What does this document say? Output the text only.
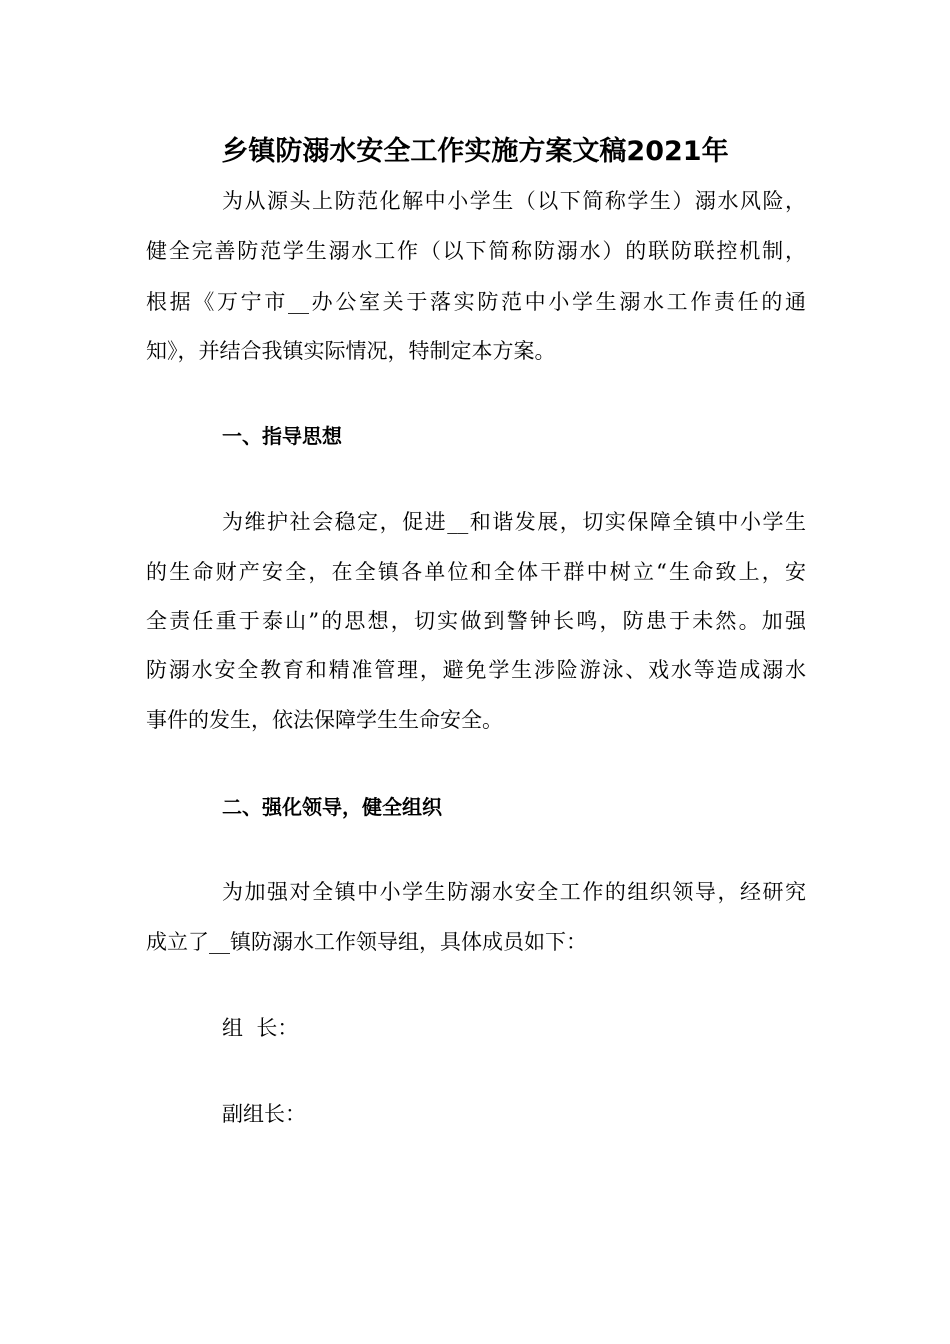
乡镇防溺水安全工作实施方案文稿2021年

为从源头上防范化解中小学生（以下简称学生）溺水风险，

健全完善防范学生溺水工作（以下简称防溺水）的联防联控机制，

根据《万宁市__办公室关于落实防范中小学生溺水工作责任的通

知》，并结合我镇实际情况，特制定本方案。

一、指导思想

为维护社会稳定，促进__和谐发展，切实保障全镇中小学生

的生命财产安全，在全镇各单位和全体干群中树立“生命致上，安

全责任重于泰山”的思想，切实做到警钟长鸣，防患于未然。加强

防溺水安全教育和精准管理，避免学生涉险游泳、戏水等造成溺水

事件的发生，依法保障学生生命安全。

二、强化领导，健全组织

为加强对全镇中小学生防溺水安全工作的组织领导，经研究

成立了__镇防溺水工作领导组，具体成员如下：

组  长：

副组长：
